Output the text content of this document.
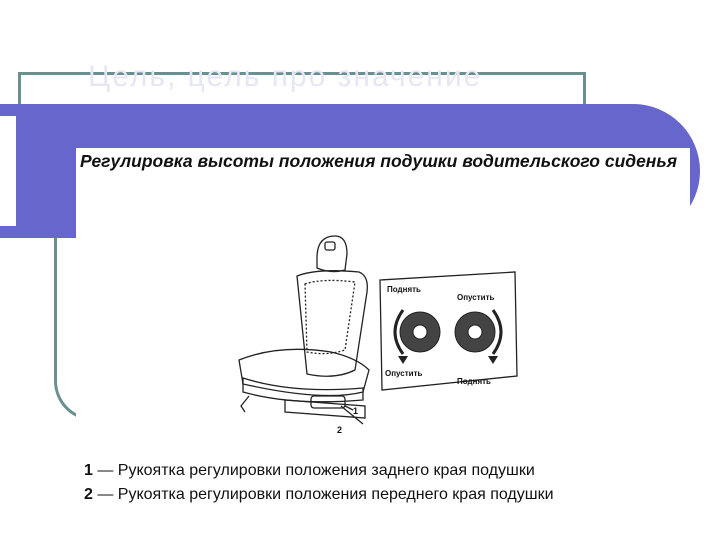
Цель, цель про значение
Регулировка высоты положения подушки водительского сиденья
Поднять
Опустить
Опустить
Поднять
1
2
1 — Рукоятка регулировки положения заднего края подушки
2 — Рукоятка регулировки положения переднего края подушки
